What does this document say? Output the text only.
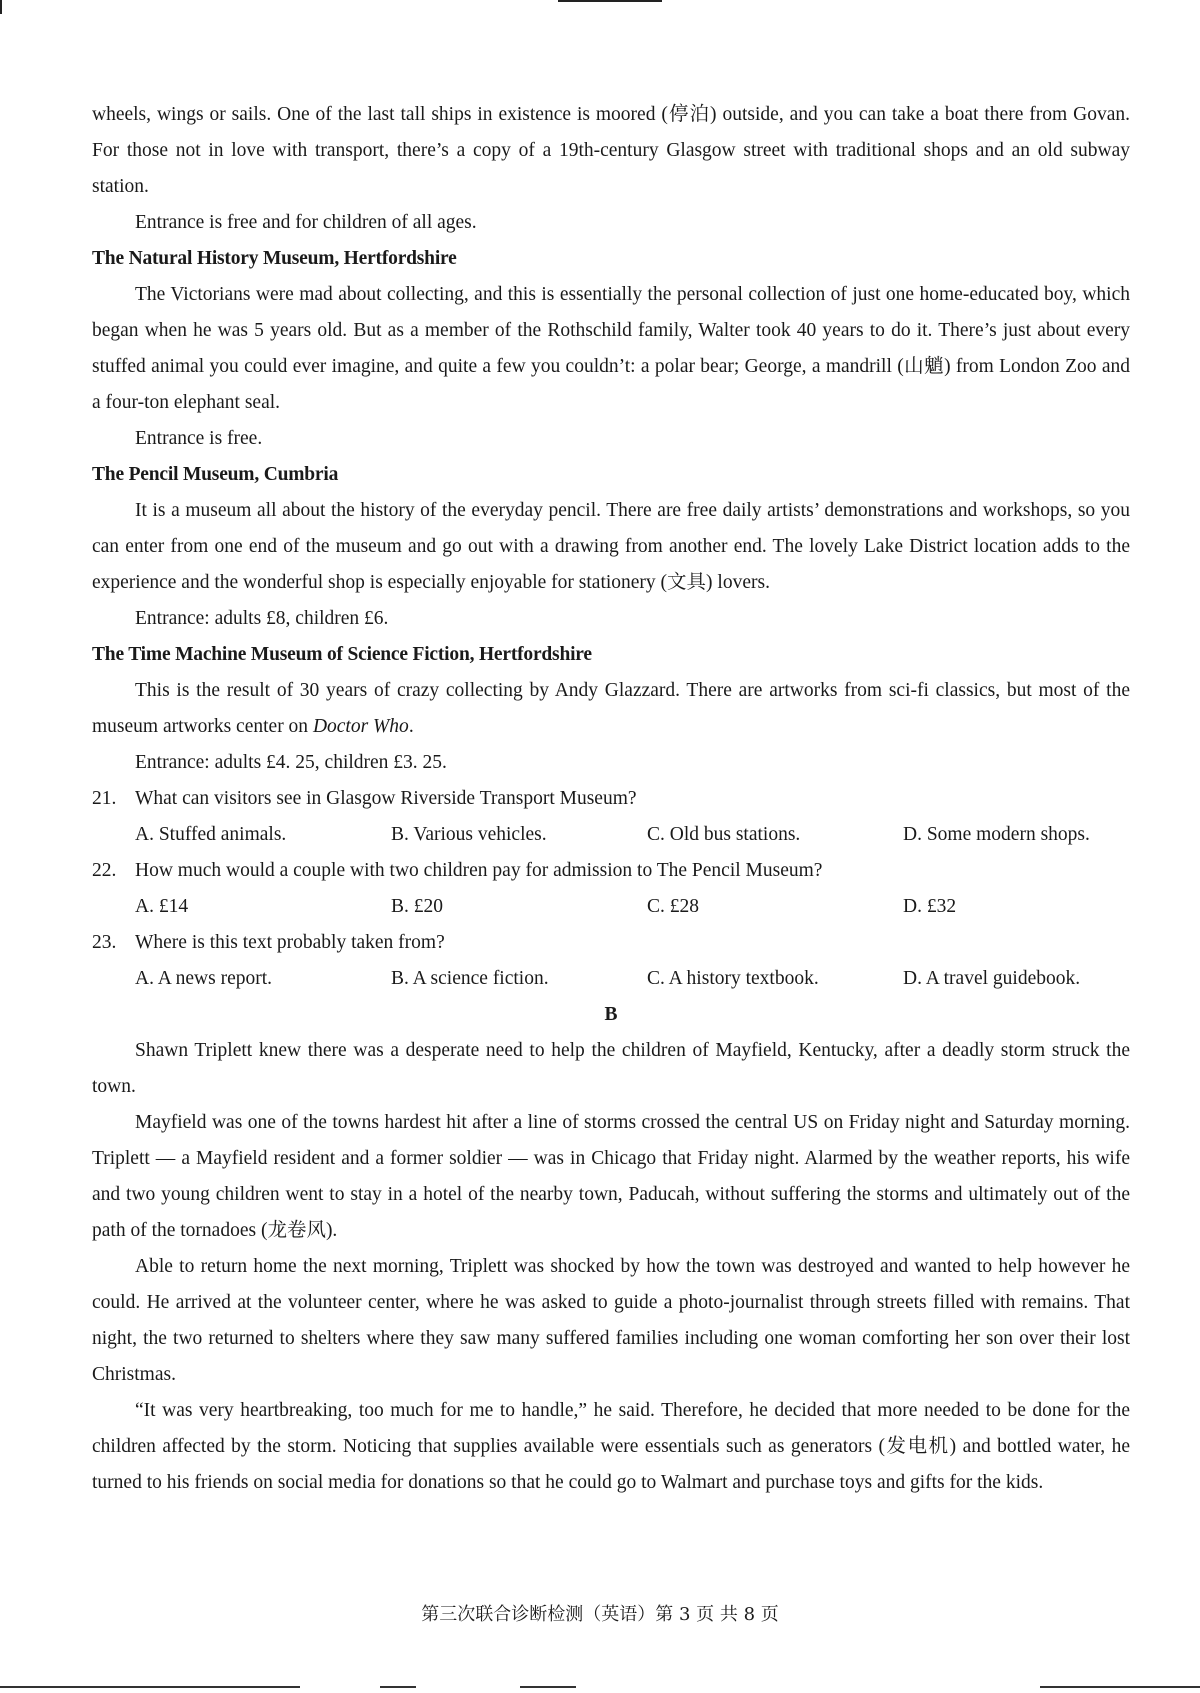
wheels, wings or sails. One of the last tall ships in existence is moored (停泊) outside, and you can take a boat there from Govan. For those not in love with transport, there’s a copy of a 19th-century Glasgow street with traditional shops and an old subway station.

Entrance is free and for children of all ages.

The Natural History Museum, Hertfordshire

The Victorians were mad about collecting, and this is essentially the personal collection of just one home-educated boy, which began when he was 5 years old. But as a member of the Rothschild family, Walter took 40 years to do it. There’s just about every stuffed animal you could ever imagine, and quite a few you couldn’t: a polar bear; George, a mandrill (山魈) from London Zoo and a four-ton elephant seal.

Entrance is free.

The Pencil Museum, Cumbria

It is a museum all about the history of the everyday pencil. There are free daily artists’ demonstrations and workshops, so you can enter from one end of the museum and go out with a drawing from another end. The lovely Lake District location adds to the experience and the wonderful shop is especially enjoyable for stationery (文具) lovers.

Entrance: adults £8, children £6.

The Time Machine Museum of Science Fiction, Hertfordshire

This is the result of 30 years of crazy collecting by Andy Glazzard. There are artworks from sci-fi classics, but most of the museum artworks center on Doctor Who.

Entrance: adults £4. 25, children £3. 25.

21. What can visitors see in Glasgow Riverside Transport Museum?
A. Stuffed animals.	B. Various vehicles.	C. Old bus stations.	D. Some modern shops.
22. How much would a couple with two children pay for admission to The Pencil Museum?
A. £14	B. £20	C. £28	D. £32
23. Where is this text probably taken from?
A. A news report.	B. A science fiction.	C. A history textbook.	D. A travel guidebook.
B

Shawn Triplett knew there was a desperate need to help the children of Mayfield, Kentucky, after a deadly storm struck the town.

Mayfield was one of the towns hardest hit after a line of storms crossed the central US on Friday night and Saturday morning. Triplett — a Mayfield resident and a former soldier — was in Chicago that Friday night. Alarmed by the weather reports, his wife and two young children went to stay in a hotel of the nearby town, Paducah, without suffering the storms and ultimately out of the path of the tornadoes (龙卷风).

Able to return home the next morning, Triplett was shocked by how the town was destroyed and wanted to help however he could. He arrived at the volunteer center, where he was asked to guide a photo-journalist through streets filled with remains. That night, the two returned to shelters where they saw many suffered families including one woman comforting her son over their lost Christmas.

“It was very heartbreaking, too much for me to handle,” he said. Therefore, he decided that more needed to be done for the children affected by the storm. Noticing that supplies available were essentials such as generators (发电机) and bottled water, he turned to his friends on social media for donations so that he could go to Walmart and purchase toys and gifts for the kids.

第三次联合诊断检测（英语）第 3 页 共 8 页
